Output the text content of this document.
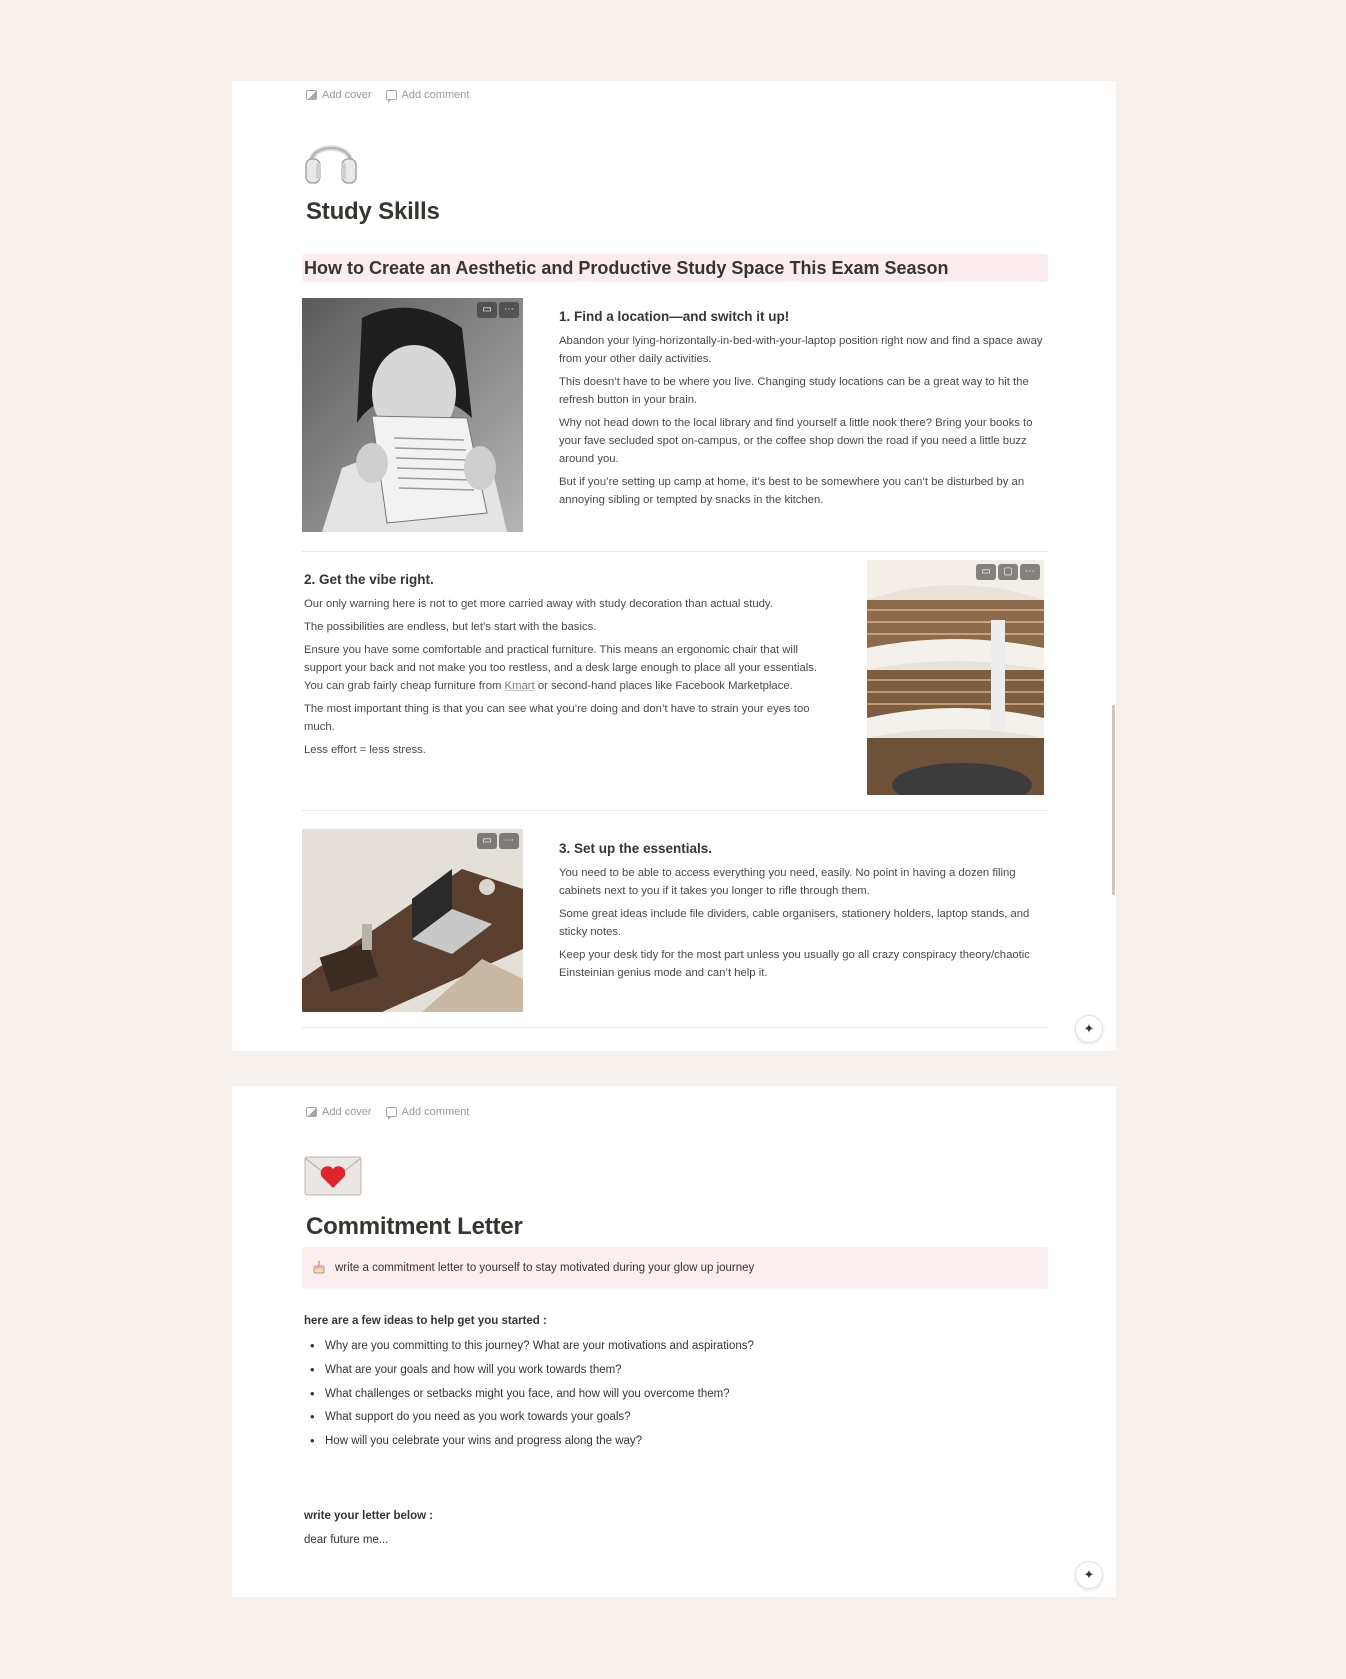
Add cover	Add comment
Study Skills
How to Create an Aesthetic and Productive Study Space This Exam Season
▭	⋯	1. Find a location—and switch it up!

Abandon your lying-horizontally-in-bed-with-your-laptop position right now and find a space away from your other daily activities.

This doesn’t have to be where you live. Changing study locations can be a great way to hit the refresh button in your brain.

Why not head down to the local library and find yourself a little nook there? Bring your books to your fave secluded spot on-campus, or the coffee shop down the road if you need a little buzz around you.

But if you’re setting up camp at home, it’s best to be somewhere you can’t be disturbed by an annoying sibling or tempted by snacks in the kitchen.

2. Get the vibe right.

Our only warning here is not to get more carried away with study decoration than actual study.

The possibilities are endless, but let’s start with the basics.

Ensure you have some comfortable and practical furniture. This means an ergonomic chair that will support your back and not make you too restless, and a desk large enough to place all your essentials. You can grab fairly cheap furniture from Kmart or second-hand places like Facebook Marketplace.

The most important thing is that you can see what you’re doing and don’t have to strain your eyes too much.

Less effort = less stress.

▭	▢	⋯
▭	⋯
3. Set up the essentials.

You need to be able to access everything you need, easily. No point in having a dozen filing cabinets next to you if it takes you longer to rifle through them.

Some great ideas include file dividers, cable organisers, stationery holders, laptop stands, and sticky notes.

Keep your desk tidy for the most part unless you usually go all crazy conspiracy theory/chaotic Einsteinian genius mode and can’t help it.

✦
Add cover	Add comment
Commitment Letter
write a commitment letter to yourself to stay motivated during your glow up journey
here are a few ideas to help get you started :
• Why are you committing to this journey? What are your motivations and aspirations?
• What are your goals and how will you work towards them?
• What challenges or setbacks might you face, and how will you overcome them?
• What support do you need as you work towards your goals?
• How will you celebrate your wins and progress along the way?
write your letter below :
dear future me...
✦
